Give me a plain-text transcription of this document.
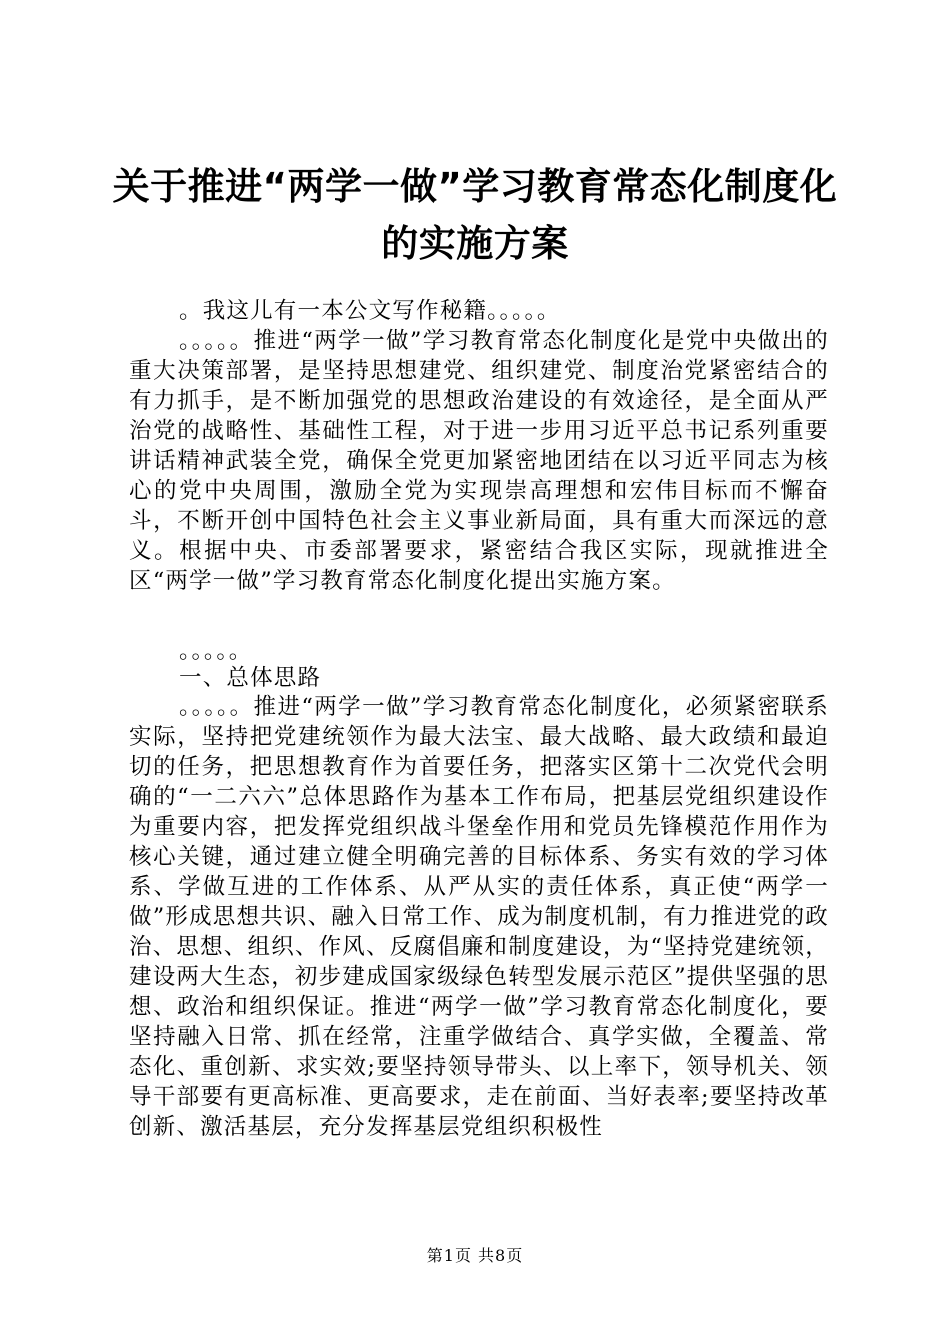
关于推进“两学一做”学习教育常态化制度化
的实施方案
。我这儿有一本公文写作秘籍。。。。。
。。。。。推进“两学一做”学习教育常态化制度化是党中央做出的重大决策部署，是坚持思想建党、组织建党、制度治党紧密结合的有力抓手，是不断加强党的思想政治建设的有效途径，是全面从严治党的战略性、基础性工程，对于进一步用习近平总书记系列重要讲话精神武装全党，确保全党更加紧密地团结在以习近平同志为核心的党中央周围，激励全党为实现崇高理想和宏伟目标而不懈奋斗，不断开创中国特色社会主义事业新局面，具有重大而深远的意义。根据中央、市委部署要求，紧密结合我区实际，现就推进全区“两学一做”学习教育常态化制度化提出实施方案。
。。。。。
一、总体思路
。。。。。推进“两学一做”学习教育常态化制度化，必须紧密联系实际，坚持把党建统领作为最大法宝、最大战略、最大政绩和最迫切的任务，把思想教育作为首要任务，把落实区第十二次党代会明确的“一二六六”总体思路作为基本工作布局，把基层党组织建设作为重要内容，把发挥党组织战斗堡垒作用和党员先锋模范作用作为核心关键，通过建立健全明确完善的目标体系、务实有效的学习体系、学做互进的工作体系、从严从实的责任体系，真正使“两学一做”形成思想共识、融入日常工作、成为制度机制，有力推进党的政治、思想、组织、作风、反腐倡廉和制度建设，为“坚持党建统领，建设两大生态，初步建成国家级绿色转型发展示范区”提供坚强的思想、政治和组织保证。推进“两学一做”学习教育常态化制度化，要坚持融入日常、抓在经常，注重学做结合、真学实做，全覆盖、常态化、重创新、求实效;要坚持领导带头、以上率下，领导机关、领导干部要有更高标准、更高要求，走在前面、当好表率;要坚持改革创新、激活基层，充分发挥基层党组织积极性
第1页 共8页
